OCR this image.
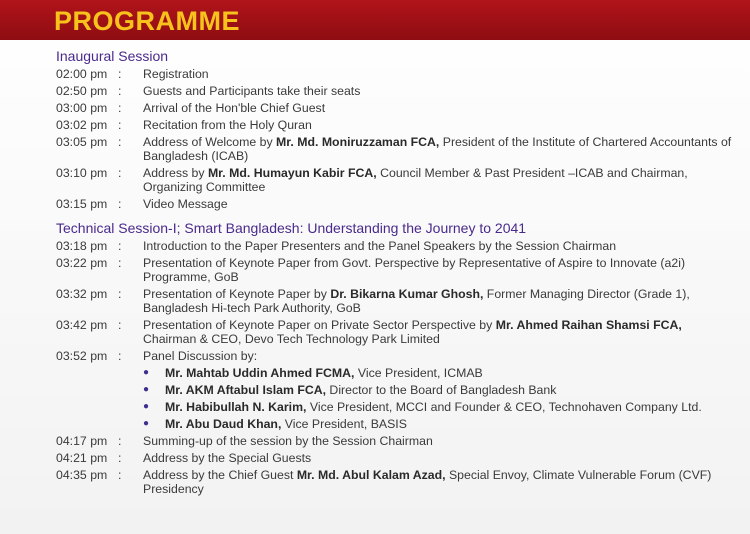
PROGRAMME
Inaugural Session
02:00 pm :	Registration
02:50 pm :	Guests and Participants take their seats
03:00 pm :	Arrival of the Hon'ble Chief Guest
03:02 pm :	Recitation from the Holy Quran
03:05 pm :	Address of Welcome by Mr. Md. Moniruzzaman FCA, President of the Institute of Chartered Accountants of Bangladesh (ICAB)
03:10 pm :	Address by Mr. Md. Humayun Kabir FCA, Council Member & Past President –ICAB and Chairman, Organizing Committee
03:15 pm :	Video Message
Technical Session-I; Smart Bangladesh: Understanding the Journey to 2041
03:18 pm :	Introduction to the Paper Presenters and the Panel Speakers by the Session Chairman
03:22 pm :	Presentation of Keynote Paper from Govt. Perspective by Representative of Aspire to Innovate (a2i) Programme, GoB
03:32 pm :	Presentation of Keynote Paper by Dr. Bikarna Kumar Ghosh, Former Managing Director (Grade 1), Bangladesh Hi-tech Park Authority, GoB
03:42 pm :	Presentation of Keynote Paper on Private Sector Perspective by Mr. Ahmed Raihan Shamsi FCA, Chairman & CEO, Devo Tech Technology Park Limited
03:52 pm :	Panel Discussion by:
●	Mr. Mahtab Uddin Ahmed FCMA, Vice President, ICMAB
●	Mr. AKM Aftabul Islam FCA, Director to the Board of Bangladesh Bank
●	Mr. Habibullah N. Karim, Vice President, MCCI and Founder & CEO, Technohaven Company Ltd.
●	Mr. Abu Daud Khan, Vice President, BASIS
04:17 pm :	Summing-up of the session by the Session Chairman
04:21 pm :	Address by the Special Guests
04:35 pm :	Address by the Chief Guest Mr. Md. Abul Kalam Azad, Special Envoy, Climate Vulnerable Forum (CVF) Presidency
